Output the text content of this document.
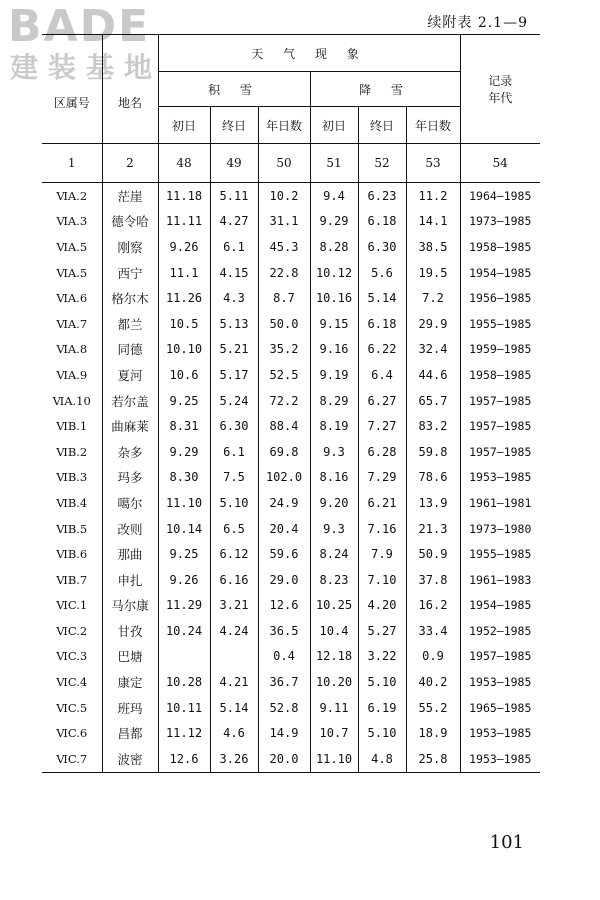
BADE
建装基地
续附表 2.1—9
区属号	地名	天 气 现 象						记录
年代

		积 雪			降 雪			
		初日	终日	年日数	初日	终日	年日数	
1	2	48	49	50	51	52	53	54
ⅥA.2	茫崖	11.18	5.11	10.2	9.4	6.23	11.2	1964—1985
ⅥA.3	德令哈	11.11	4.27	31.1	9.29	6.18	14.1	1973—1985
ⅥA.5	刚察	9.26	6.1	45.3	8.28	6.30	38.5	1958—1985
ⅥA.5	西宁	11.1	4.15	22.8	10.12	5.6	19.5	1954—1985
ⅥA.6	格尔木	11.26	4.3	8.7	10.16	5.14	7.2	1956—1985
ⅥA.7	都兰	10.5	5.13	50.0	9.15	6.18	29.9	1955—1985
ⅥA.8	同德	10.10	5.21	35.2	9.16	6.22	32.4	1959—1985
ⅥA.9	夏河	10.6	5.17	52.5	9.19	6.4	44.6	1958—1985
ⅥA.10	若尔盖	9.25	5.24	72.2	8.29	6.27	65.7	1957—1985
ⅥB.1	曲麻莱	8.31	6.30	88.4	8.19	7.27	83.2	1957—1985
ⅥB.2	杂多	9.29	6.1	69.8	9.3	6.28	59.8	1957—1985
ⅥB.3	玛多	8.30	7.5	102.0	8.16	7.29	78.6	1953—1985
ⅥB.4	噶尔	11.10	5.10	24.9	9.20	6.21	13.9	1961—1981
ⅥB.5	改则	10.14	6.5	20.4	9.3	7.16	21.3	1973—1980
ⅥB.6	那曲	9.25	6.12	59.6	8.24	7.9	50.9	1955—1985
ⅥB.7	申扎	9.26	6.16	29.0	8.23	7.10	37.8	1961—1983
ⅥC.1	马尔康	11.29	3.21	12.6	10.25	4.20	16.2	1954—1985
ⅥC.2	甘孜	10.24	4.24	36.5	10.4	5.27	33.4	1952—1985
ⅥC.3	巴塘			0.4	12.18	3.22	0.9	1957—1985
ⅥC.4	康定	10.28	4.21	36.7	10.20	5.10	40.2	1953—1985
ⅥC.5	班玛	10.11	5.14	52.8	9.11	6.19	55.2	1965—1985
ⅥC.6	昌都	11.12	4.6	14.9	10.7	5.10	18.9	1953—1985
ⅥC.7	波密	12.6	3.26	20.0	11.10	4.8	25.8	1953—1985
101
